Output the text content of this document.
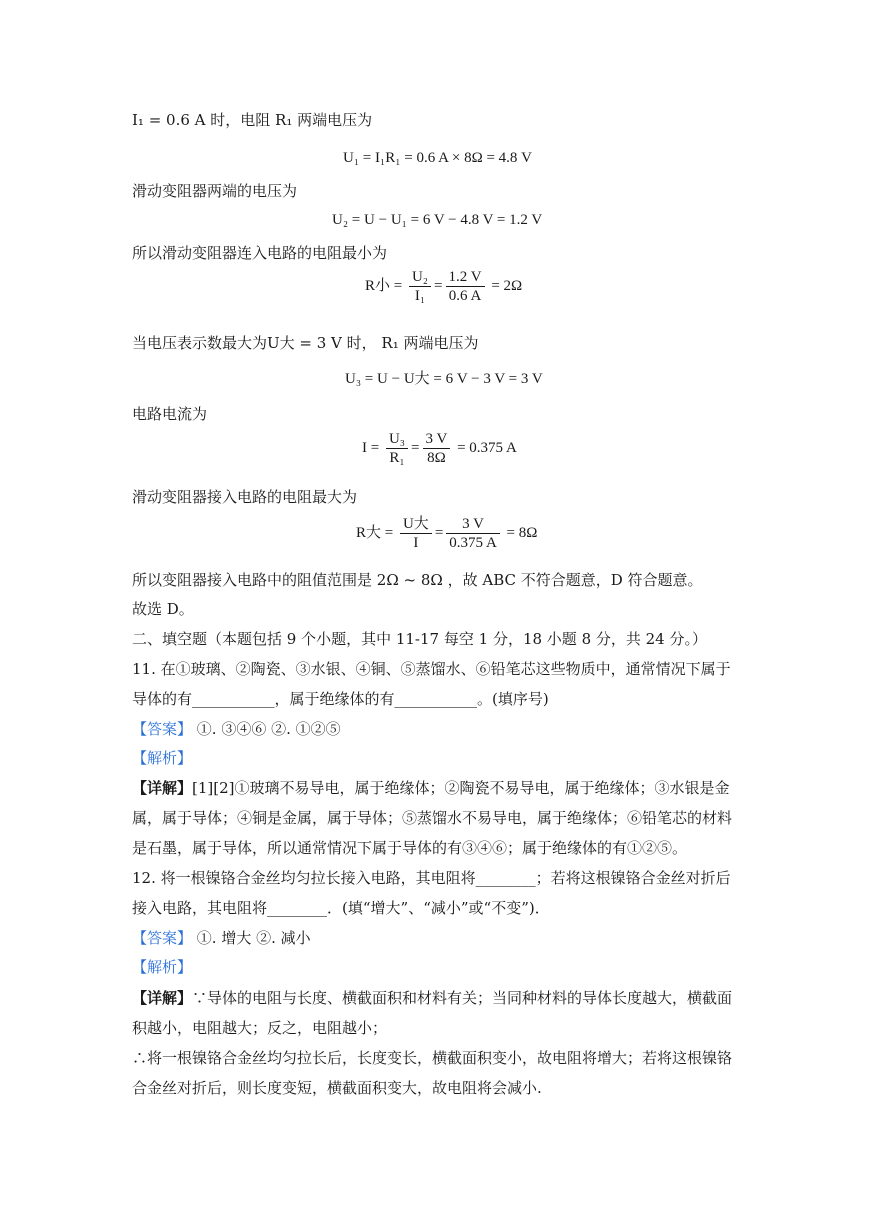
I₁ = 0.6 A 时，电阻 R₁ 两端电压为
U₁ = I₁R₁ = 0.6 A × 8Ω = 4.8 V
滑动变阻器两端的电压为
U₂ = U − U₁ = 6 V − 4.8 V = 1.2 V
所以滑动变阻器连入电路的电阻最小为
R小 = $\frac{\text{U₂}}{\text{I₁}} = \frac{1.2 V}{0.6 A} = 2\Omega$
当电压表示数最大为U大 = 3 V 时， R₁ 两端电压为
U₃ = U − U大 = 6 V − 3 V = 3 V
电路电流为
$I = \frac{\text{U₃}}{\text{R₁}} = \frac{3 V}{8\Omega} = 0.375$ A
滑动变阻器接入电路的电阻最大为
R大 = $\frac{\text{U大}}{I} = \frac{3 V}{0.375 A} = 8\Omega$
所以变阻器接入电路中的阻值范围是 2Ω ~ 8Ω ，故 ABC 不符合题意，D 符合题意。
故选 D。
二、填空题（本题包括 9 个小题，其中 11-17 每空 1 分，18 小题 8 分，共 24 分。）
11. 在①玻璃、②陶瓷、③水银、④铜、⑤蒸馏水、⑥铅笔芯这些物质中，通常情况下属于
导体的有___________，属于绝缘体的有___________。(填序号)
【答案】 ①. ③④⑥ ②. ①②⑤
【解析】
【详解】[1][2]①玻璃不易导电，属于绝缘体；②陶瓷不易导电，属于绝缘体；③水银是金
属，属于导体；④铜是金属，属于导体；⑤蒸馏水不易导电，属于绝缘体；⑥铅笔芯的材料
是石墨，属于导体，所以通常情况下属于导体的有③④⑥；属于绝缘体的有①②⑤。
12. 将一根镍铬合金丝均匀拉长接入电路，其电阻将________；若将这根镍铬合金丝对折后
接入电路，其电阻将________．(填“增大”、“减小”或“不变”)．
【答案】 ①. 增大 ②. 减小
【解析】
【详解】∵导体的电阻与长度、横截面积和材料有关；当同种材料的导体长度越大，横截面
积越小，电阻越大；反之，电阻越小；
∴将一根镍铬合金丝均匀拉长后，长度变长，横截面积变小，故电阻将增大；若将这根镍铬
合金丝对折后，则长度变短，横截面积变大，故电阻将会减小.
